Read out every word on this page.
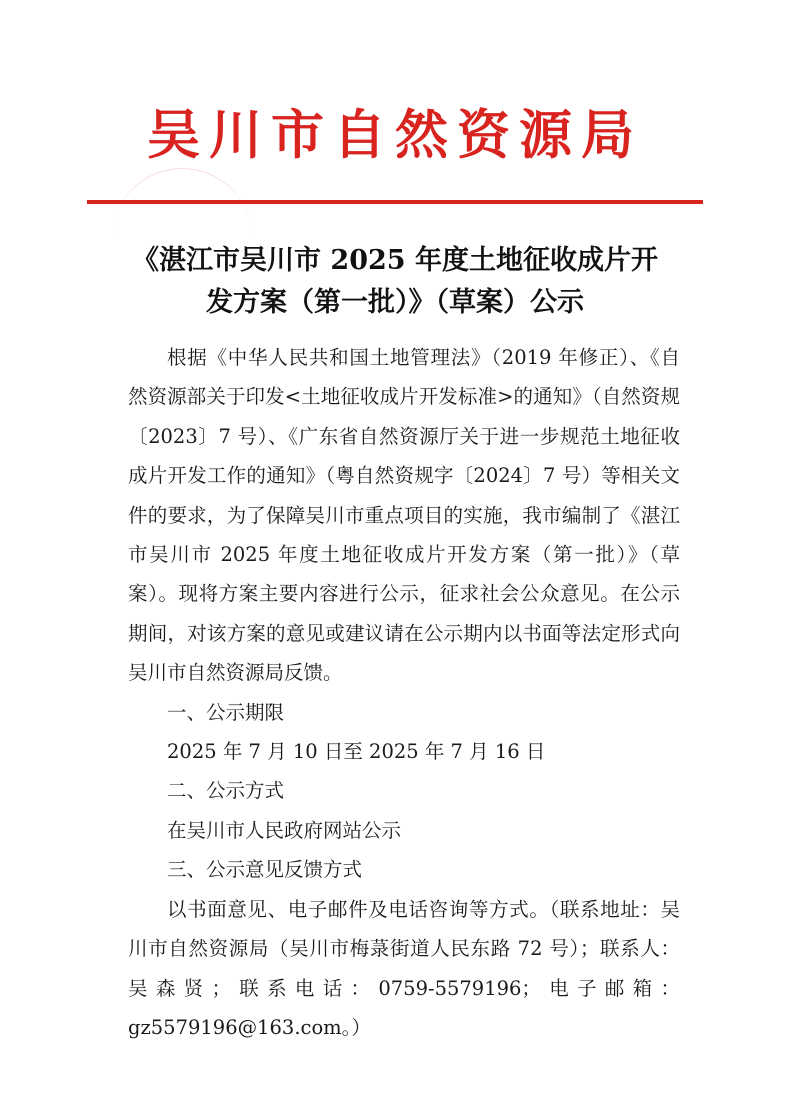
吴川市自然资源局
《湛江市吴川市 2025 年度土地征收成片开
发方案（第一批）》（草案）公示

根据《中华人民共和国土地管理法》（2019 年修正）、《自然资源部关于印发<土地征收成片开发标准>的通知》（自然资规〔2023〕7 号）、《广东省自然资源厅关于进一步规范土地征收成片开发工作的通知》（粤自然资规字〔2024〕7 号）等相关文件的要求，为了保障吴川市重点项目的实施，我市编制了《湛江市吴川市 2025 年度土地征收成片开发方案（第一批）》（草案）。现将方案主要内容进行公示，征求社会公众意见。在公示期间，对该方案的意见或建议请在公示期内以书面等法定形式向吴川市自然资源局反馈。

一、公示期限

2025 年 7 月 10 日至 2025 年 7 月 16 日

二、公示方式

在吴川市人民政府网站公示

三、公示意见反馈方式

以书面意见、电子邮件及电话咨询等方式。（联系地址：吴川市自然资源局（吴川市梅菉街道人民东路 72 号）；联系人：吴森贤；联系电话：0759-5579196；电子邮箱：gz5579196@163.com。）
